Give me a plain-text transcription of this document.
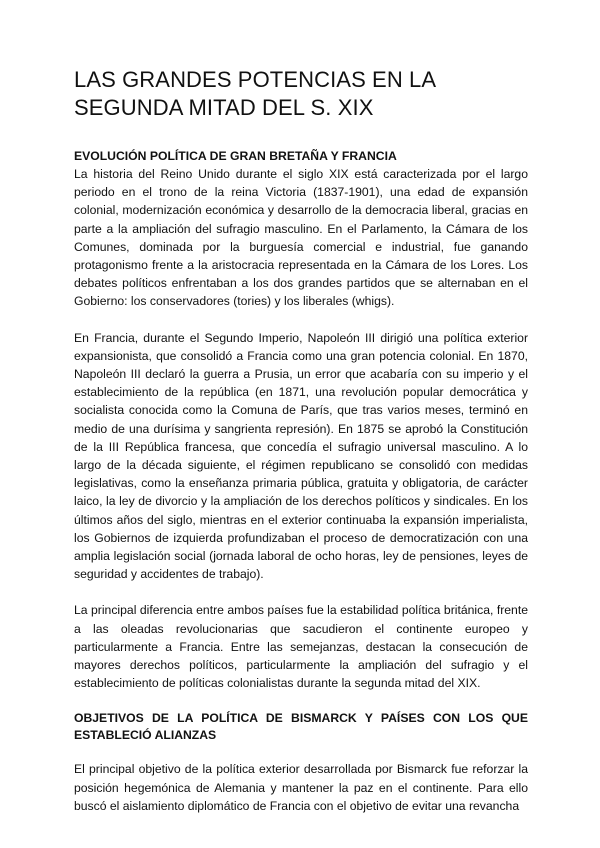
LAS GRANDES POTENCIAS EN LA SEGUNDA MITAD DEL S. XIX
EVOLUCIÓN POLÍTICA DE GRAN BRETAÑA Y FRANCIA

La historia del Reino Unido durante el siglo XIX está caracterizada por el largo periodo en el trono de la reina Victoria (1837-1901), una edad de expansión colonial, modernización económica y desarrollo de la democracia liberal, gracias en parte a la ampliación del sufragio masculino. En el Parlamento, la Cámara de los Comunes, dominada por la burguesía comercial e industrial, fue ganando protagonismo frente a la aristocracia representada en la Cámara de los Lores. Los debates políticos enfrentaban a los dos grandes partidos que se alternaban en el Gobierno: los conservadores (tories) y los liberales (whigs).

En Francia, durante el Segundo Imperio, Napoleón III dirigió una política exterior expansionista, que consolidó a Francia como una gran potencia colonial. En 1870, Napoleón III declaró la guerra a Prusia, un error que acabaría con su imperio y el establecimiento de la república (en 1871, una revolución popular democrática y socialista conocida como la Comuna de París, que tras varios meses, terminó en medio de una durísima y sangrienta represión). En 1875 se aprobó la Constitución de la III República francesa, que concedía el sufragio universal masculino. A lo largo de la década siguiente, el régimen republicano se consolidó con medidas legislativas, como la enseñanza primaria pública, gratuita y obligatoria, de carácter laico, la ley de divorcio y la ampliación de los derechos políticos y sindicales. En los últimos años del siglo, mientras en el exterior continuaba la expansión imperialista, los Gobiernos de izquierda profundizaban el proceso de democratización con una amplia legislación social (jornada laboral de ocho horas, ley de pensiones, leyes de seguridad y accidentes de trabajo).

La principal diferencia entre ambos países fue la estabilidad política británica, frente a las oleadas revolucionarias que sacudieron el continente europeo y particularmente a Francia. Entre las semejanzas, destacan la consecución de mayores derechos políticos, particularmente la ampliación del sufragio y el establecimiento de políticas colonialistas durante la segunda mitad del XIX.

OBJETIVOS DE LA POLÍTICA DE BISMARCK Y PAÍSES CON LOS QUE ESTABLECIÓ ALIANZAS

El principal objetivo de la política exterior desarrollada por Bismarck fue reforzar la posición hegemónica de Alemania y mantener la paz en el continente. Para ello buscó el aislamiento diplomático de Francia con el objetivo de evitar una revancha
